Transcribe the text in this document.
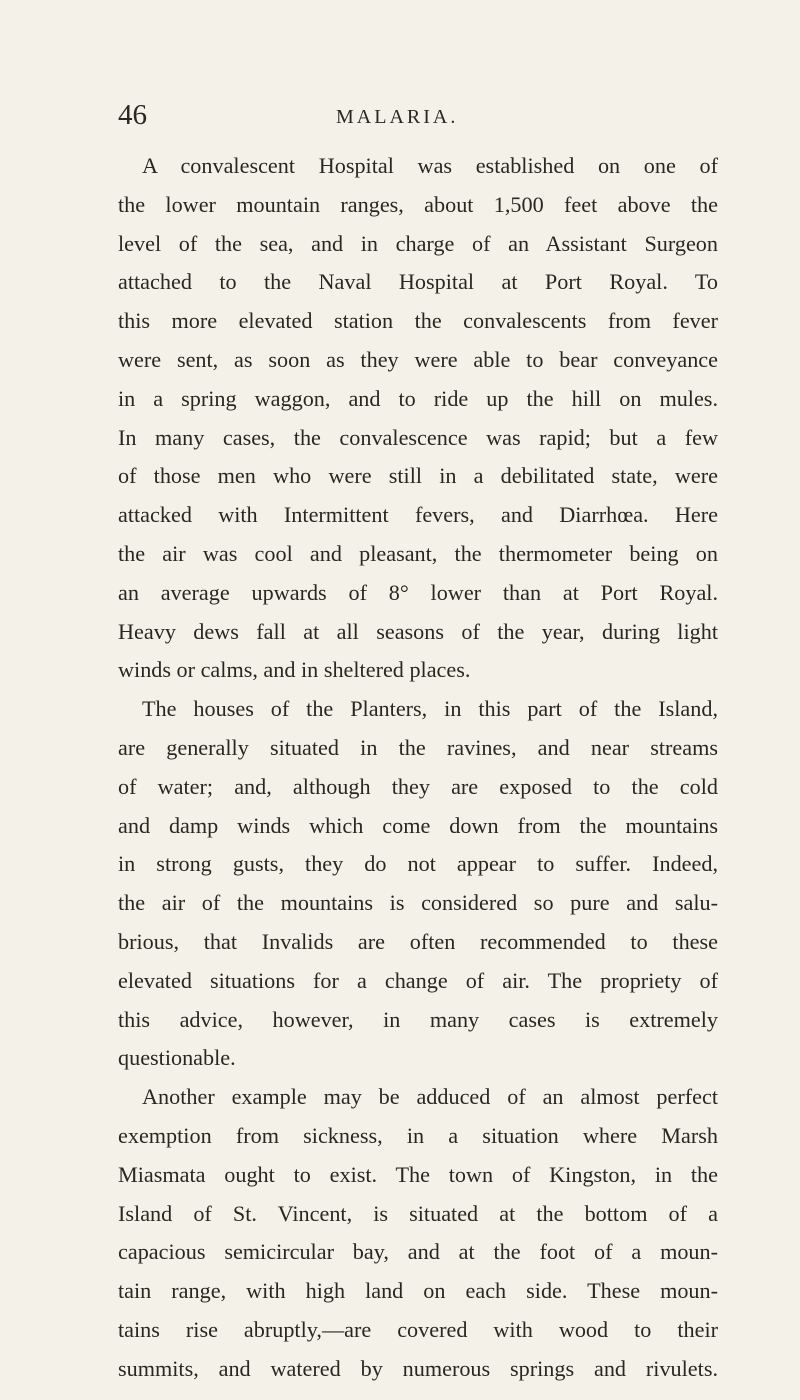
46	MALARIA.
A convalescent Hospital was established on one of
the lower mountain ranges, about 1,500 feet above the
level of the sea, and in charge of an Assistant Surgeon
attached to the Naval Hospital at Port Royal. To
this more elevated station the convalescents from fever
were sent, as soon as they were able to bear conveyance
in a spring waggon, and to ride up the hill on mules.
In many cases, the convalescence was rapid; but a few
of those men who were still in a debilitated state, were
attacked with Intermittent fevers, and Diarrhœa. Here
the air was cool and pleasant, the thermometer being on
an average upwards of 8° lower than at Port Royal.
Heavy dews fall at all seasons of the year, during light
winds or calms, and in sheltered places.
The houses of the Planters, in this part of the Island,
are generally situated in the ravines, and near streams
of water; and, although they are exposed to the cold
and damp winds which come down from the mountains
in strong gusts, they do not appear to suffer. Indeed,
the air of the mountains is considered so pure and salu-
brious, that Invalids are often recommended to these
elevated situations for a change of air. The propriety of
this advice, however, in many cases is extremely
questionable.
Another example may be adduced of an almost perfect
exemption from sickness, in a situation where Marsh
Miasmata ought to exist. The town of Kingston, in the
Island of St. Vincent, is situated at the bottom of a
capacious semicircular bay, and at the foot of a moun-
tain range, with high land on each side. These moun-
tains rise abruptly,—are covered with wood to their
summits, and watered by numerous springs and rivulets.
